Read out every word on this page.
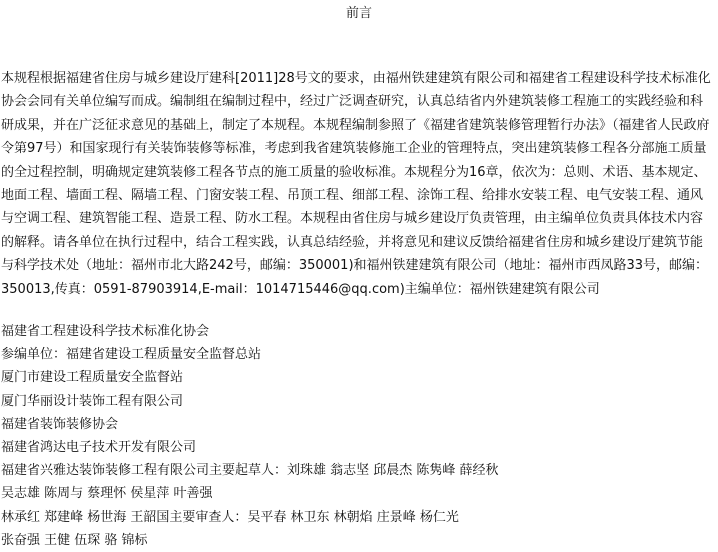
前言

本规程根据福建省住房与城乡建设厅建科[2011]28号文的要求，由福州铁建建筑有限公司和福建省工程建设科学技术标准化协会会同有关单位编写而成。编制组在编制过程中，经过广泛调查研究，认真总结省内外建筑装修工程施工的实践经验和科研成果，并在广泛征求意见的基础上，制定了本规程。本规程编制参照了《福建省建筑装修管理暂行办法》（福建省人民政府令第97号）和国家现行有关装饰装修等标准，考虑到我省建筑装修施工企业的管理特点，突出建筑装修工程各分部施工质量的全过程控制，明确规定建筑装修工程各节点的施工质量的验收标准。本规程分为16章，依次为：总则、术语、基本规定、地面工程、墙面工程、隔墙工程、门窗安装工程、吊顶工程、细部工程、涂饰工程、给排水安装工程、电气安装工程、通风与空调工程、建筑智能工程、造景工程、防水工程。本规程由省住房与城乡建设厅负责管理，由主编单位负责具体技术内容的解释。请各单位在执行过程中，结合工程实践，认真总结经验，并将意见和建议反馈给福建省住房和城乡建设厅建筑节能与科学技术处（地址：福州市北大路242号，邮编：350001)和福州铁建建筑有限公司（地址：福州市西凤路33号，邮编：350013,传真：0591-87903914,E-mail：1014715446@qq.com)主编单位：福州铁建建筑有限公司

福建省工程建设科学技术标准化协会
参编单位：福建省建设工程质量安全监督总站
厦门市建设工程质量安全监督站
厦门华丽设计装饰工程有限公司
福建省装饰装修协会
福建省鸿达电子技术开发有限公司
福建省兴雅达装饰装修工程有限公司主要起草人：刘珠雄 翁志坚 邱晨杰 陈隽峰 薛经秋
吴志雄 陈周与 蔡理怀 侯星萍 叶善强
林承红 郑建峰 杨世海 王韶国主要审查人：吴平春 林卫东 林朝焰 庄景峰 杨仁光
张奋强 王健 伍琛 骆 锦标
